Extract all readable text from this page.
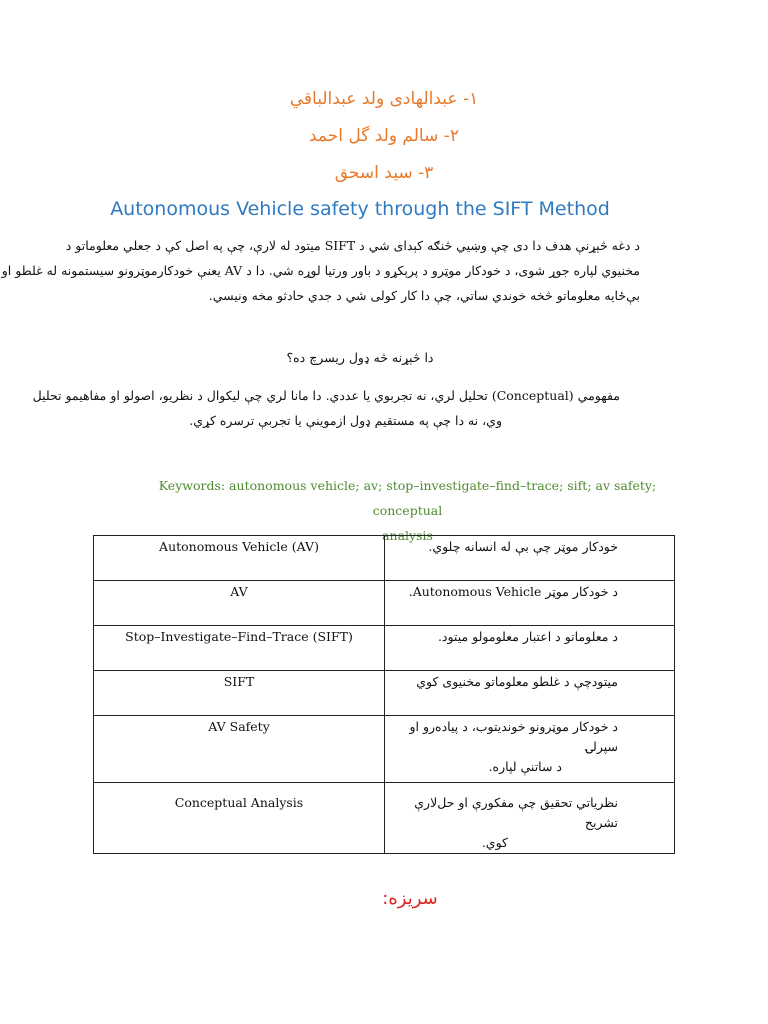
١- عبدالهادی ولد عبدالباقي
٢- سالم ولد گل احمد
٣- سید اسحق
Autonomous Vehicle safety through the SIFT Method
د دغه څېړنې هدف دا دی چې وښيي څنګه کېدای شي د SIFT میتود له لارې، چې په اصل کې د جعلي معلوماتو د
مخنیوي لپاره جوړ شوی، د خودکار موټرو د پرېکړو د باور ورتیا لوړه شي. دا د AV یعنې خودکارموټرونو سیستمونه له غلطو او
بې‌ځایه معلوماتو څخه خوندي ساتي، چې دا کار کولی شي د جدي حادثو مخه ونیسي.
دا څېړنه څه ډول ریسرچ ده؟
مفهومي (Conceptual) تحلیل لري، نه تجربوي یا عددي. دا مانا لري چې لیکوال د نظریو، اصولو او مفاهیمو تحلیل
وي، نه دا چې په مستقیم ډول ازموینې یا تجربې ترسره کړي.
Keywords: autonomous vehicle; av; stop–investigate–find–trace; sift; av safety; conceptual
analysis
Autonomous Vehicle (AV)	خودکار موټر چې بې له انسانه چلوي.

AV	د خودکار موټر Autonomous Vehicle.

Stop–Investigate–Find–Trace (SIFT)	د معلوماتو د اعتبار معلومولو میتود.

SIFT	میتودچې د غلطو معلوماتو مخنیوی کوي

AV Safety	د خودکار موټرونو خوندیتوب، د پیاده‌رو او سپرلۍ
د ساتنې لپاره.

Conceptual Analysis	نظریاتي تحقیق چې مفکورې او حل‌لارې تشریح
کوي.
سریزه:
